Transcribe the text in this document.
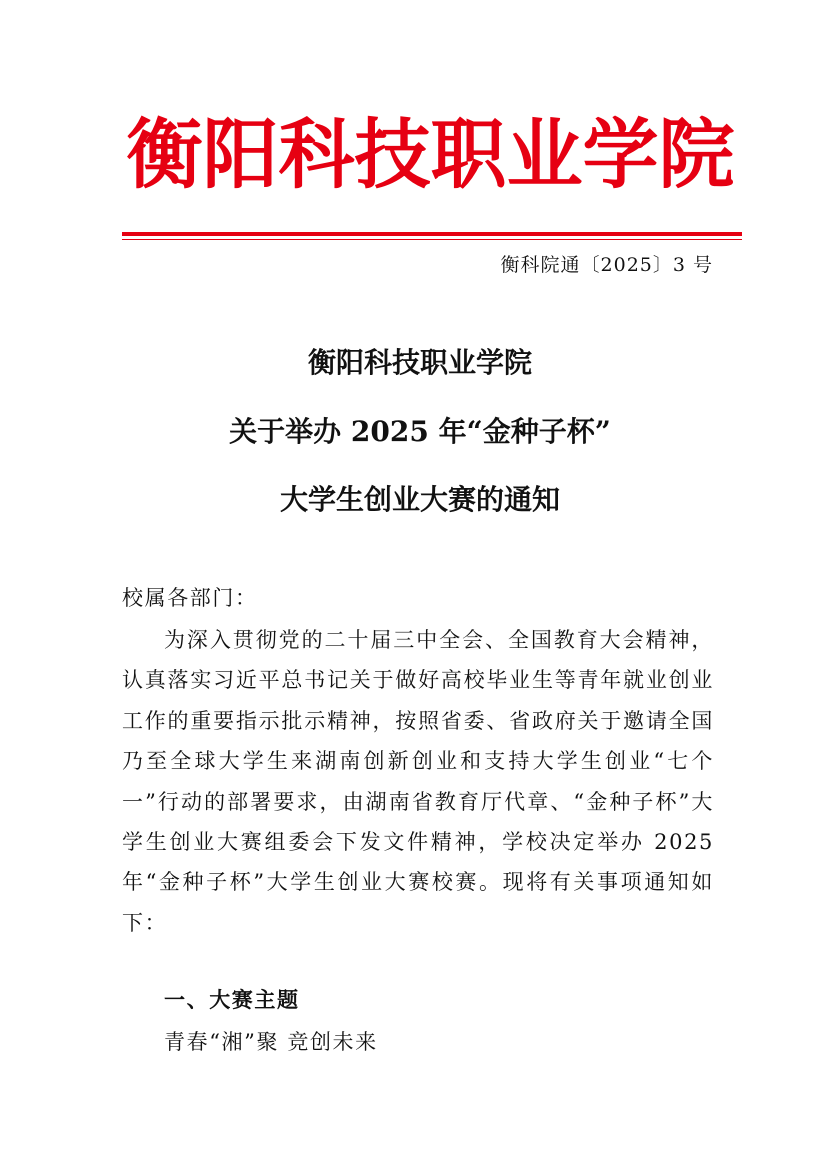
衡阳科技职业学院
衡科院通〔2025〕3 号
衡阳科技职业学院
关于举办 2025 年“金种子杯”
大学生创业大赛的通知
校属各部门：
为深入贯彻党的二十届三中全会、全国教育大会精神，认真落实习近平总书记关于做好高校毕业生等青年就业创业工作的重要指示批示精神，按照省委、省政府关于邀请全国乃至全球大学生来湖南创新创业和支持大学生创业“七个一”行动的部署要求，由湖南省教育厅代章、“金种子杯”大学生创业大赛组委会下发文件精神，学校决定举办 2025 年“金种子杯”大学生创业大赛校赛。现将有关事项通知如下：
一、大赛主题
青春“湘”聚 竞创未来
